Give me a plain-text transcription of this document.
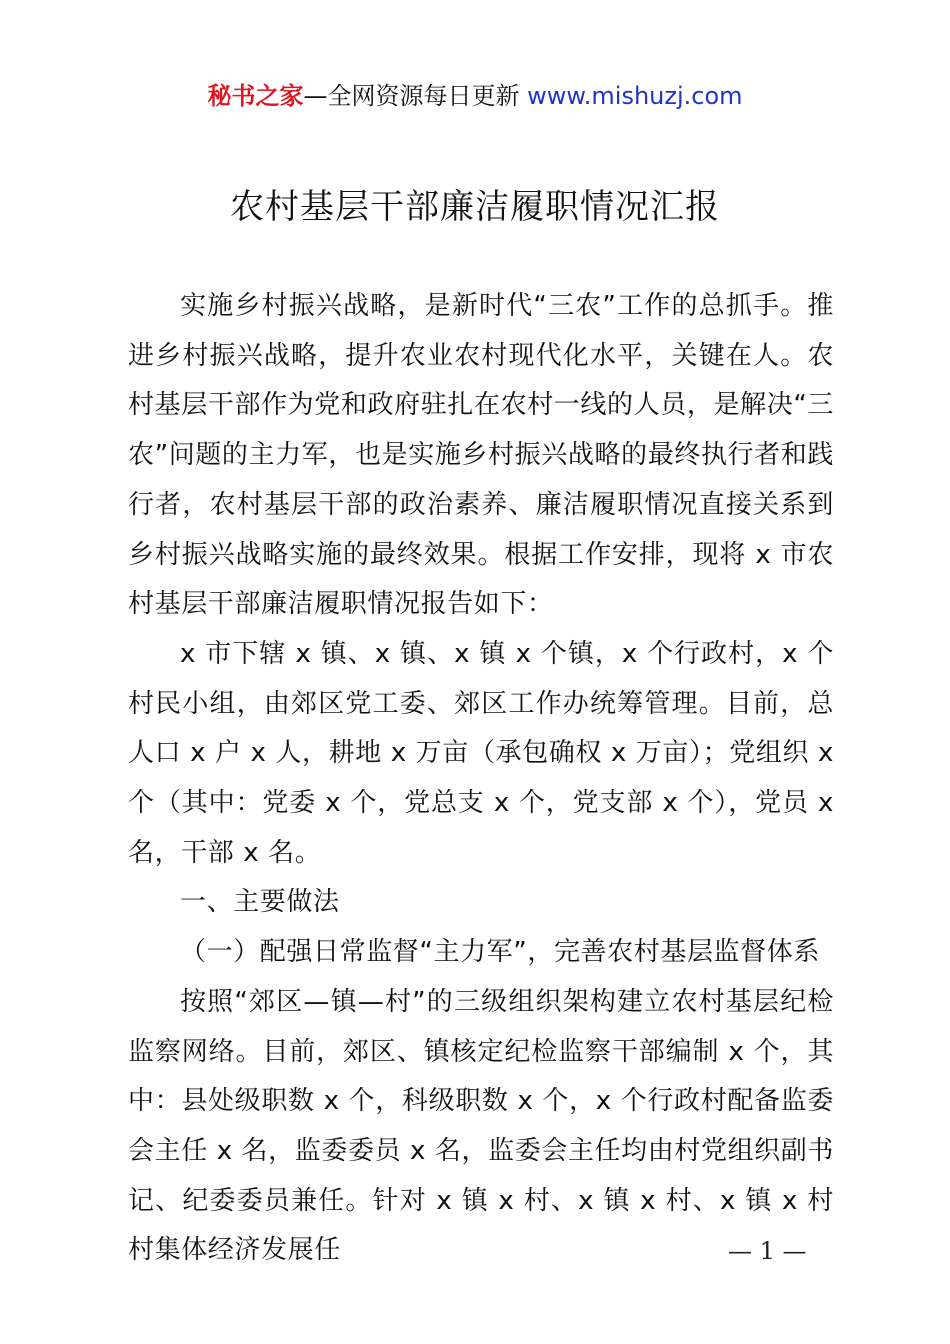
秘书之家—全网资源每日更新 www.mishuzj.com
农村基层干部廉洁履职情况汇报

实施乡村振兴战略，是新时代“三农”工作的总抓手。推进乡村振兴战略，提升农业农村现代化水平，关键在人。农村基层干部作为党和政府驻扎在农村一线的人员，是解决“三农”问题的主力军，也是实施乡村振兴战略的最终执行者和践行者，农村基层干部的政治素养、廉洁履职情况直接关系到乡村振兴战略实施的最终效果。根据工作安排，现将 x 市农村基层干部廉洁履职情况报告如下：

x 市下辖 x 镇、x 镇、x 镇 x 个镇，x 个行政村，x 个村民小组，由郊区党工委、郊区工作办统筹管理。目前，总人口 x 户 x 人，耕地 x 万亩（承包确权 x 万亩）；党组织 x 个（其中：党委 x 个，党总支 x 个，党支部 x 个），党员 x 名，干部 x 名。

一、主要做法

（一）配强日常监督“主力军”，完善农村基层监督体系

按照“郊区—镇—村”的三级组织架构建立农村基层纪检监察网络。目前，郊区、镇核定纪检监察干部编制 x 个，其中：县处级职数 x 个，科级职数 x 个，x 个行政村配备监委会主任 x 名，监委委员 x 名，监委会主任均由村党组织副书记、纪委委员兼任。针对 x 镇 x 村、x 镇 x 村、x 镇 x 村村集体经济发展任	— 1 —
